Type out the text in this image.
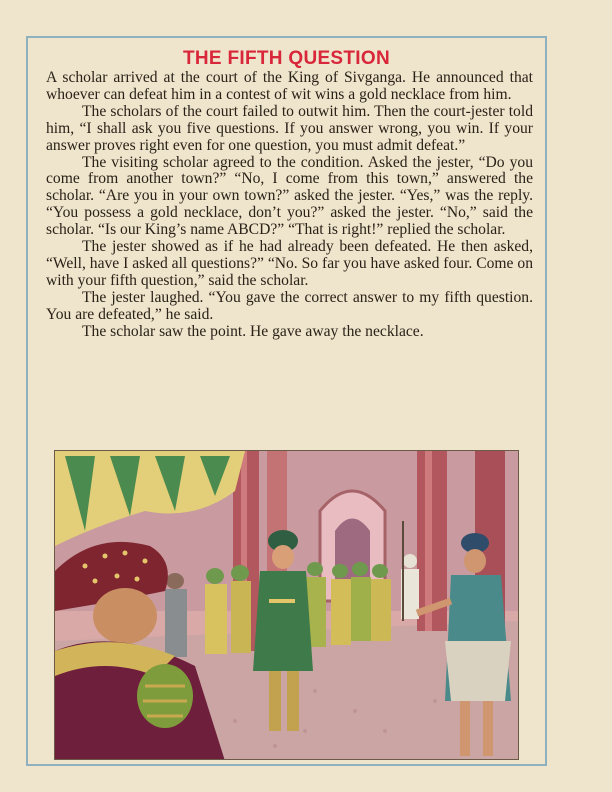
THE FIFTH QUESTION

A scholar arrived at the court of the King of Sivganga. He announced that whoever can defeat him in a contest of wit wins a gold necklace from him.

The scholars of the court failed to outwit him. Then the court-jester told him, “I shall ask you five questions. If you answer wrong, you win. If your answer proves right even for one question, you must admit defeat.”

The visiting scholar agreed to the condition. Asked the jester, “Do you come from another town?” “No, I come from this town,” answered the scholar. “Are you in your own town?” asked the jester. “Yes,” was the reply. “You possess a gold necklace, don’t you?” asked the jester. “No,” said the scholar. “Is our King’s name ABCD?” “That is right!” replied the scholar.

The jester showed as if he had already been defeated. He then asked, “Well, have I asked all questions?” “No. So far you have asked four. Come on with your fifth question,” said the scholar.

The jester laughed. “You gave the correct answer to my fifth question. You are defeated,” he said.

The scholar saw the point. He gave away the necklace.
